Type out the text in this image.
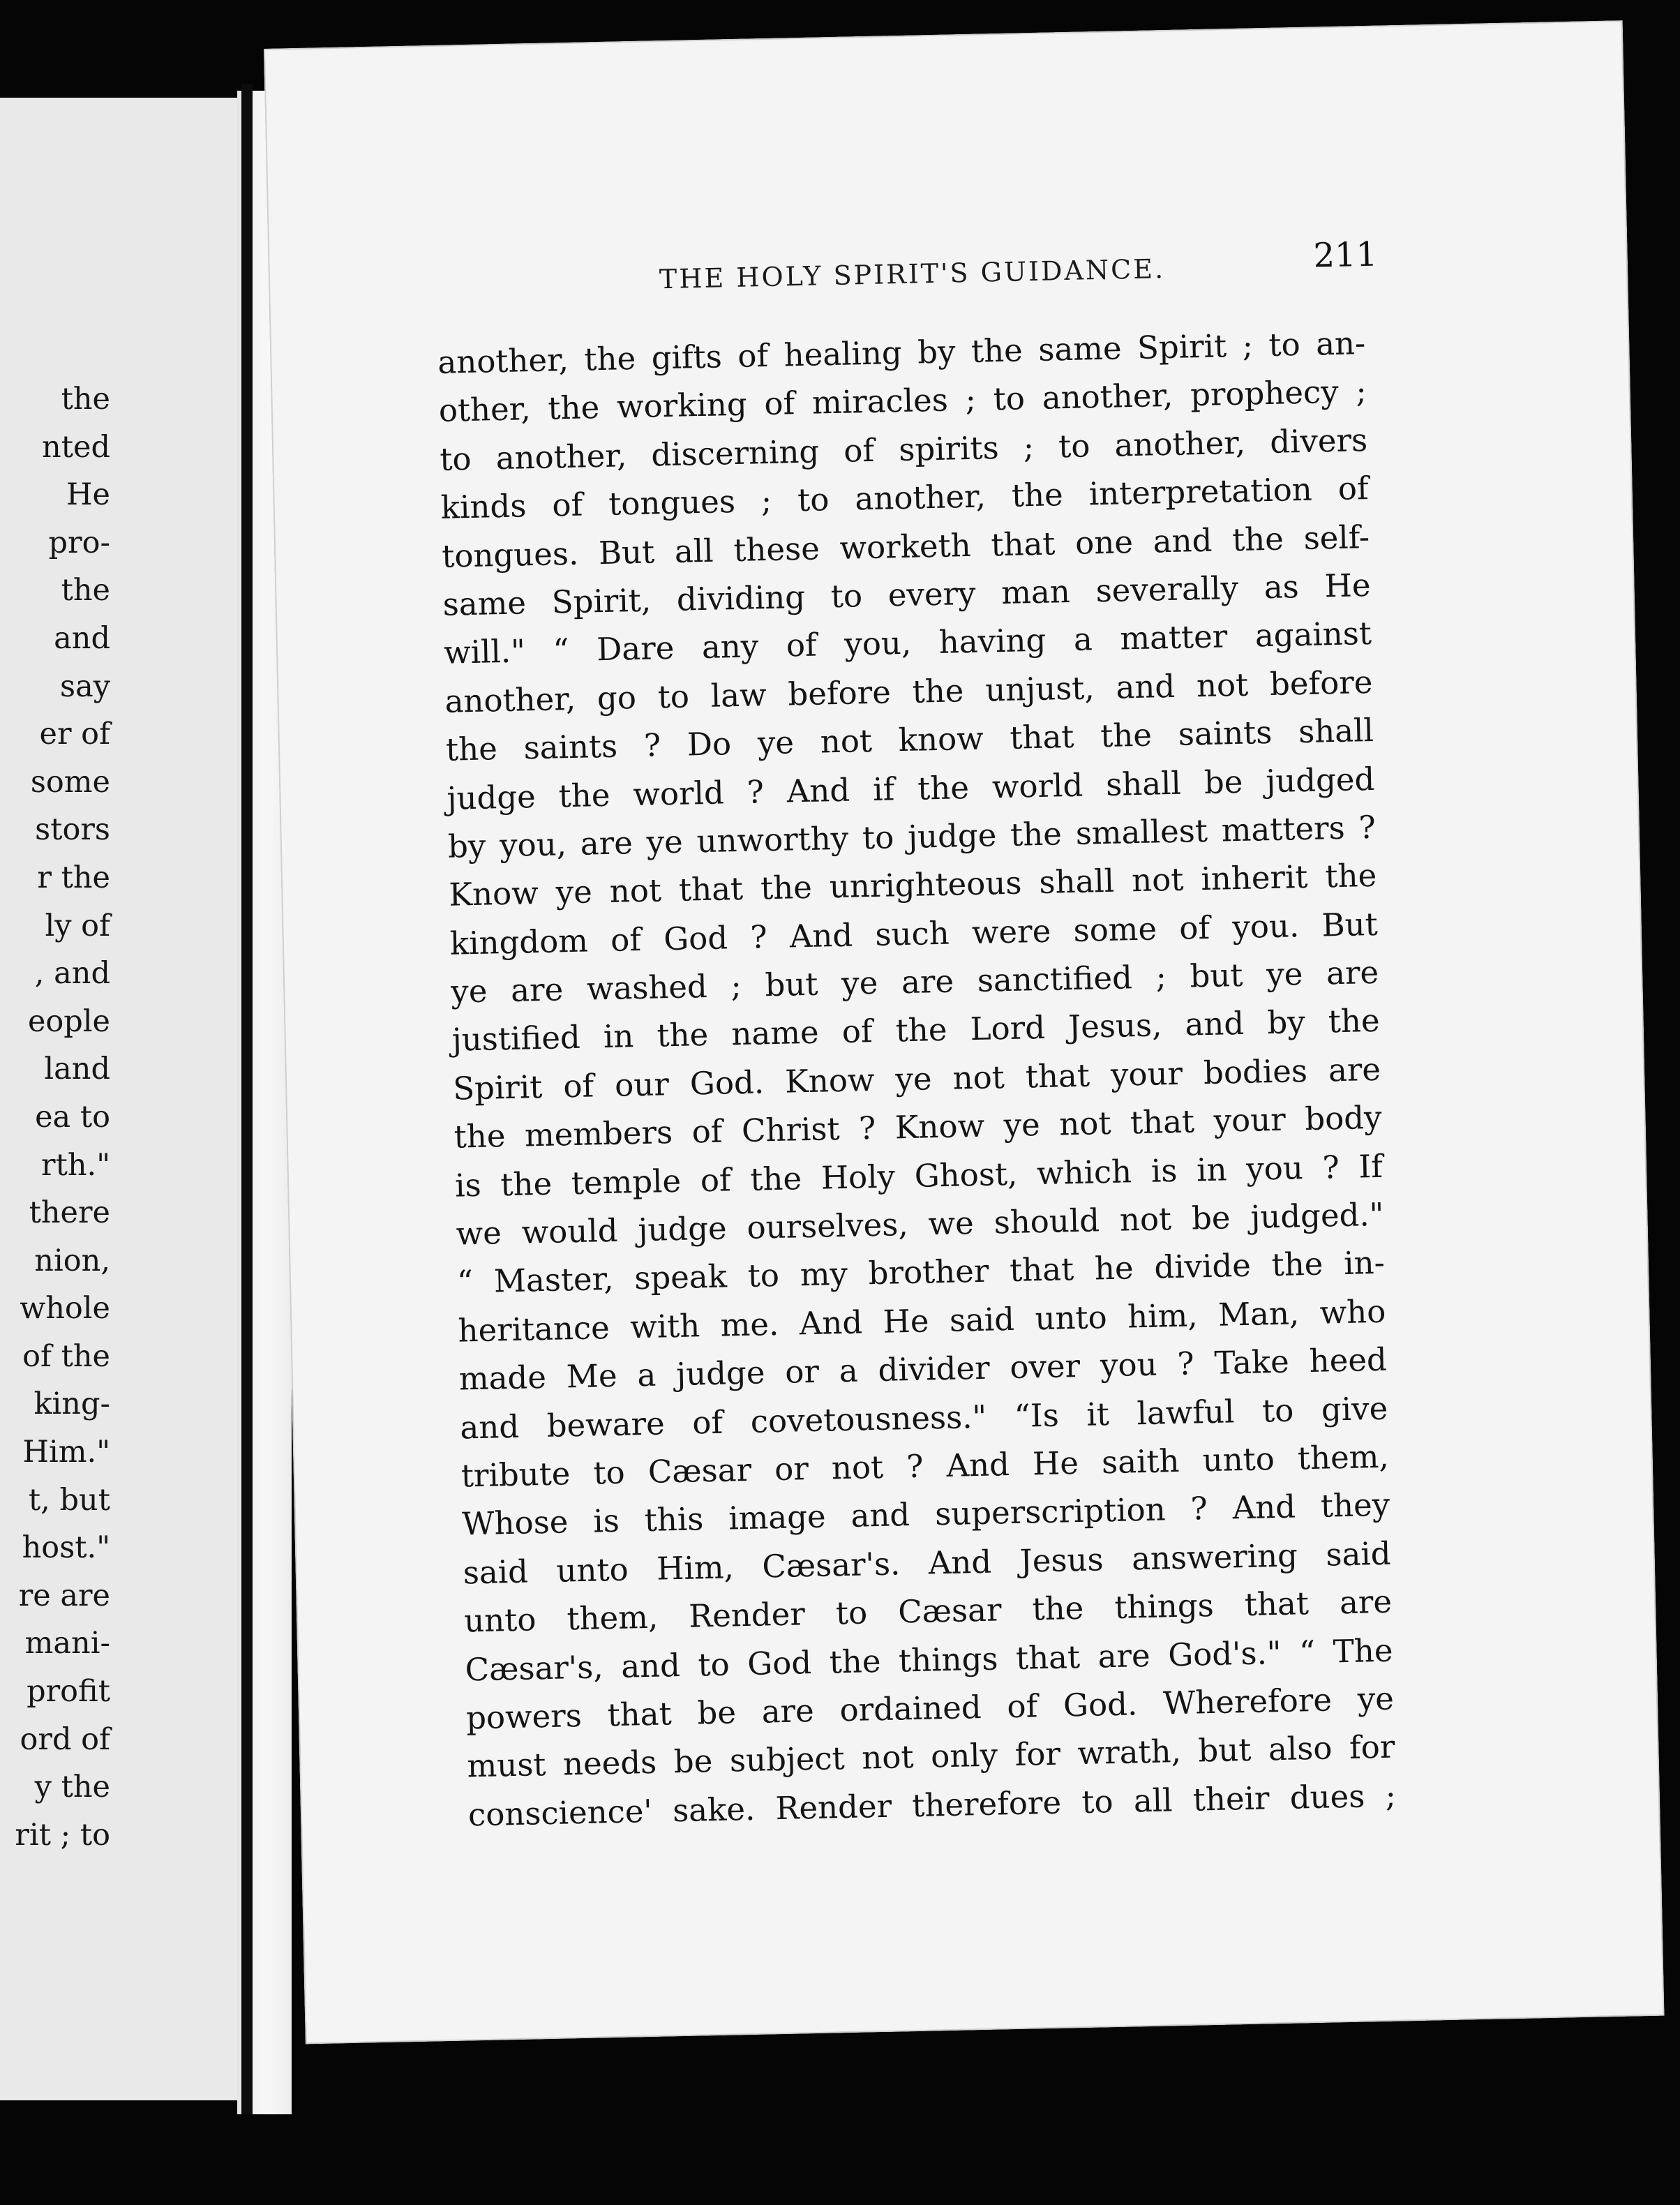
the
nted
He
pro-
the
and
say
er of
some
stors
r the
ly of
, and
eople
land
ea to
rth."
there
nion,
whole
of the
king-
Him."
t, but
host."
re are
mani-
profit
ord of
y the
rit ; to
THE HOLY SPIRIT'S GUIDANCE.	211
another, the gifts of healing by the same Spirit ; to an-
other, the working of miracles ; to another, prophecy ;
to another, discerning of spirits ; to another, divers
kinds of tongues ; to another, the interpretation of
tongues. But all these worketh that one and the self-
same Spirit, dividing to every man severally as He
will." “ Dare any of you, having a matter against
another, go to law before the unjust, and not before
the saints ? Do ye not know that the saints shall
judge the world ? And if the world shall be judged
by you, are ye unworthy to judge the smallest matters ?
Know ye not that the unrighteous shall not inherit the
kingdom of God ? And such were some of you. But
ye are washed ; but ye are sanctified ; but ye are
justified in the name of the Lord Jesus, and by the
Spirit of our God. Know ye not that your bodies are
the members of Christ ? Know ye not that your body
is the temple of the Holy Ghost, which is in you ? If
we would judge ourselves, we should not be judged."
“ Master, speak to my brother that he divide the in-
heritance with me. And He said unto him, Man, who
made Me a judge or a divider over you ? Take heed
and beware of covetousness." “Is it lawful to give
tribute to Cæsar or not ? And He saith unto them,
Whose is this image and superscription ? And they
said unto Him, Cæsar's. And Jesus answering said
unto them, Render to Cæsar the things that are
Cæsar's, and to God the things that are God's." “ The
powers that be are ordained of God. Wherefore ye
must needs be subject not only for wrath, but also for
conscience' sake. Render therefore to all their dues ;
